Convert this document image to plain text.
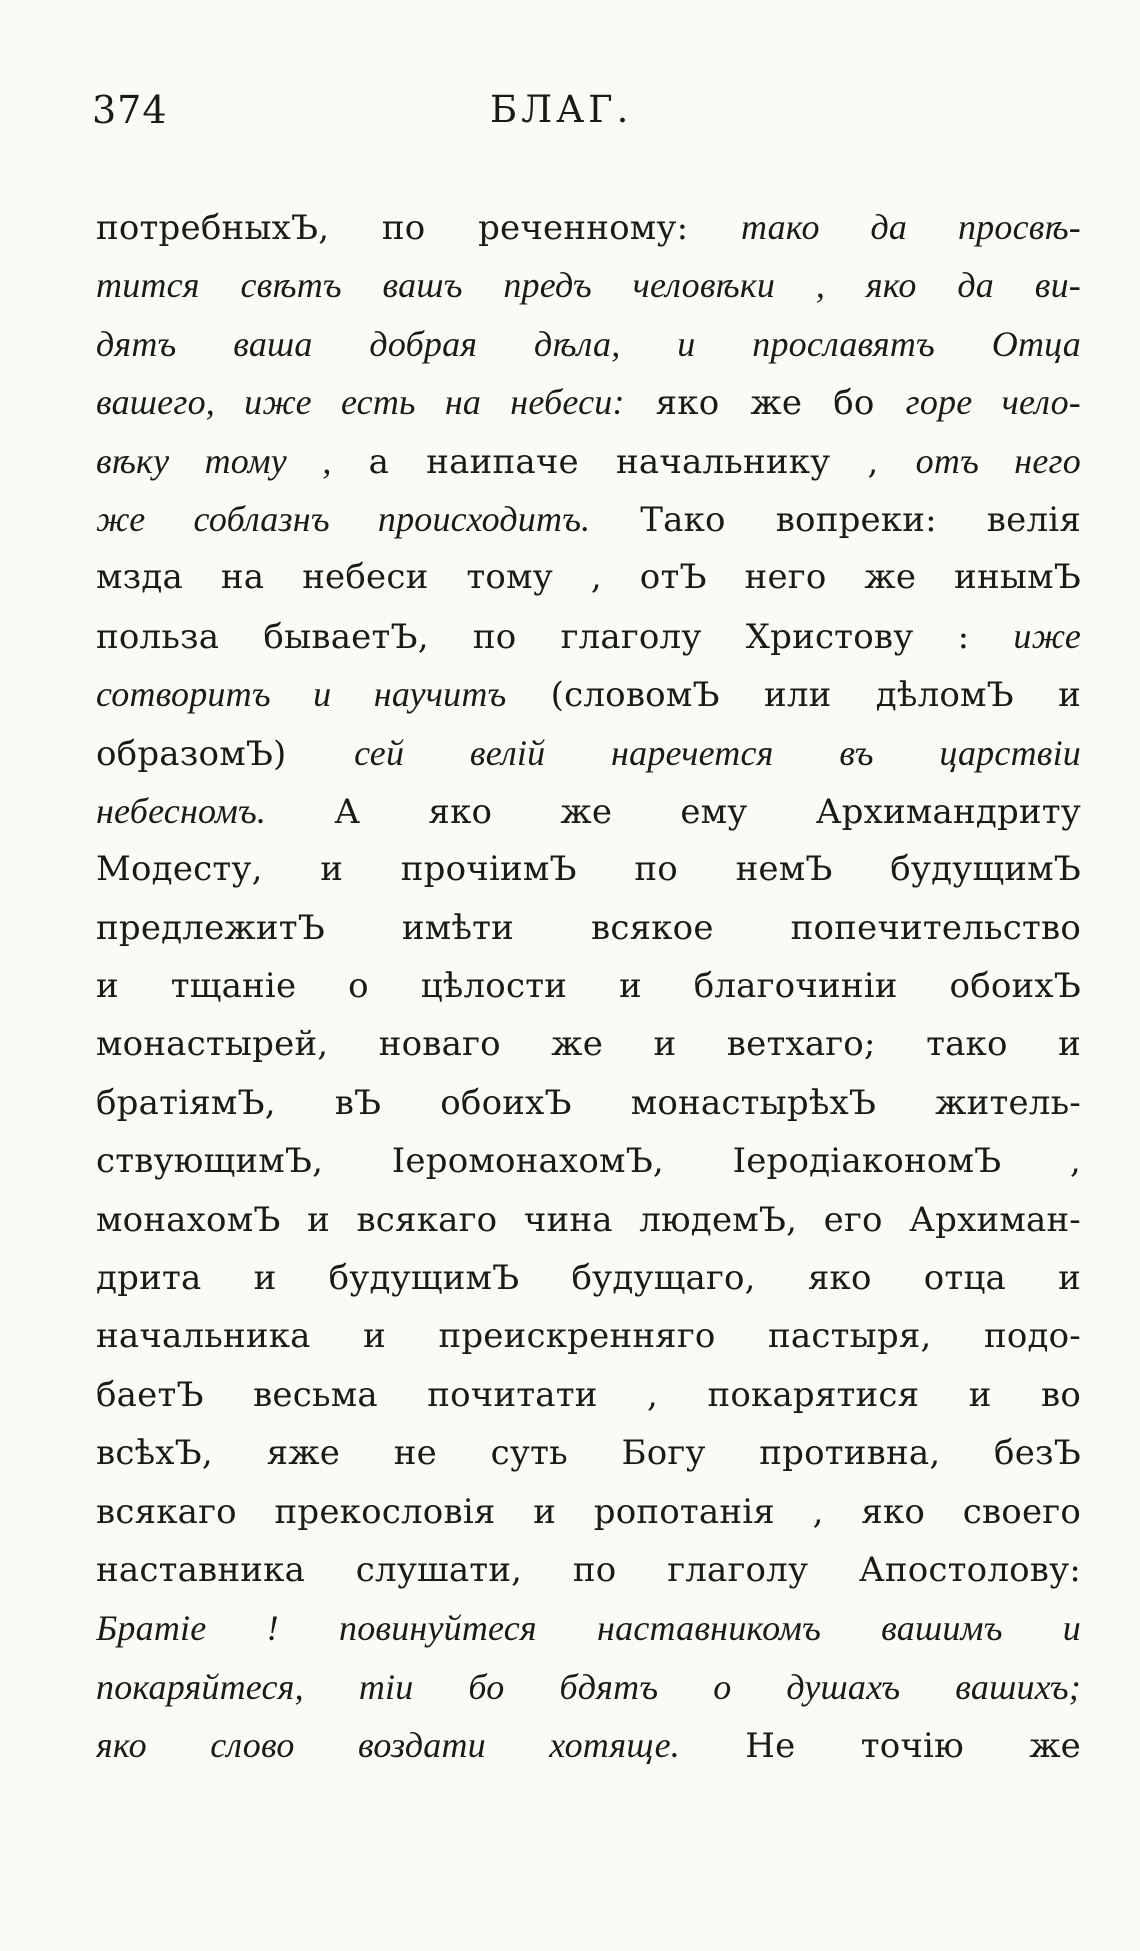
374	БЛАГ.
потребныхЪ, по реченному: тако да просвѣ-
тится свѣтъ вашъ предъ человѣки , яко да ви-
дятъ ваша добрая дѣла, и прославятъ Отца
вашего, иже есть на небеси: яко же бо горе чело-
вѣку тому , а наипаче начальнику , отъ него
же соблазнъ происходитъ. Тако вопреки: велія
мзда на небеси тому , отЪ него же инымЪ
польза бываетЪ, по глаголу Христову : иже
сотворитъ и научитъ (словомЪ или дѣломЪ и
образомЪ) сей велій наречется въ царствіи
небесномъ. А яко же ему Архимандриту
Модесту, и прочіимЪ по немЪ будущимЪ
предлежитЪ имѣти всякое попечительство
и тщаніе о цѣлости и благочиніи обоихЪ
монастырей, новаго же и ветхаго; тако и
братіямЪ, вЪ обоихЪ монастырѣхЪ житель-
ствующимЪ, ІеромонахомЪ, ІеродіакономЪ ,
монахомЪ и всякаго чина людемЪ, его Архиман-
дрита и будущимЪ будущаго, яко отца и
начальника и преискренняго пастыря, подо-
баетЪ весьма почитати , покарятися и во
всѣхЪ, яже не суть Богу противна, безЪ
всякаго прекословія и ропотанія , яко своего
наставника слушати, по глаголу Апостолову:
Братіе ! повинуйтеся наставникомъ вашимъ и
покаряйтеся, тіи бо бдятъ о душахъ вашихъ;
яко слово воздати хотяще. Не точію же
